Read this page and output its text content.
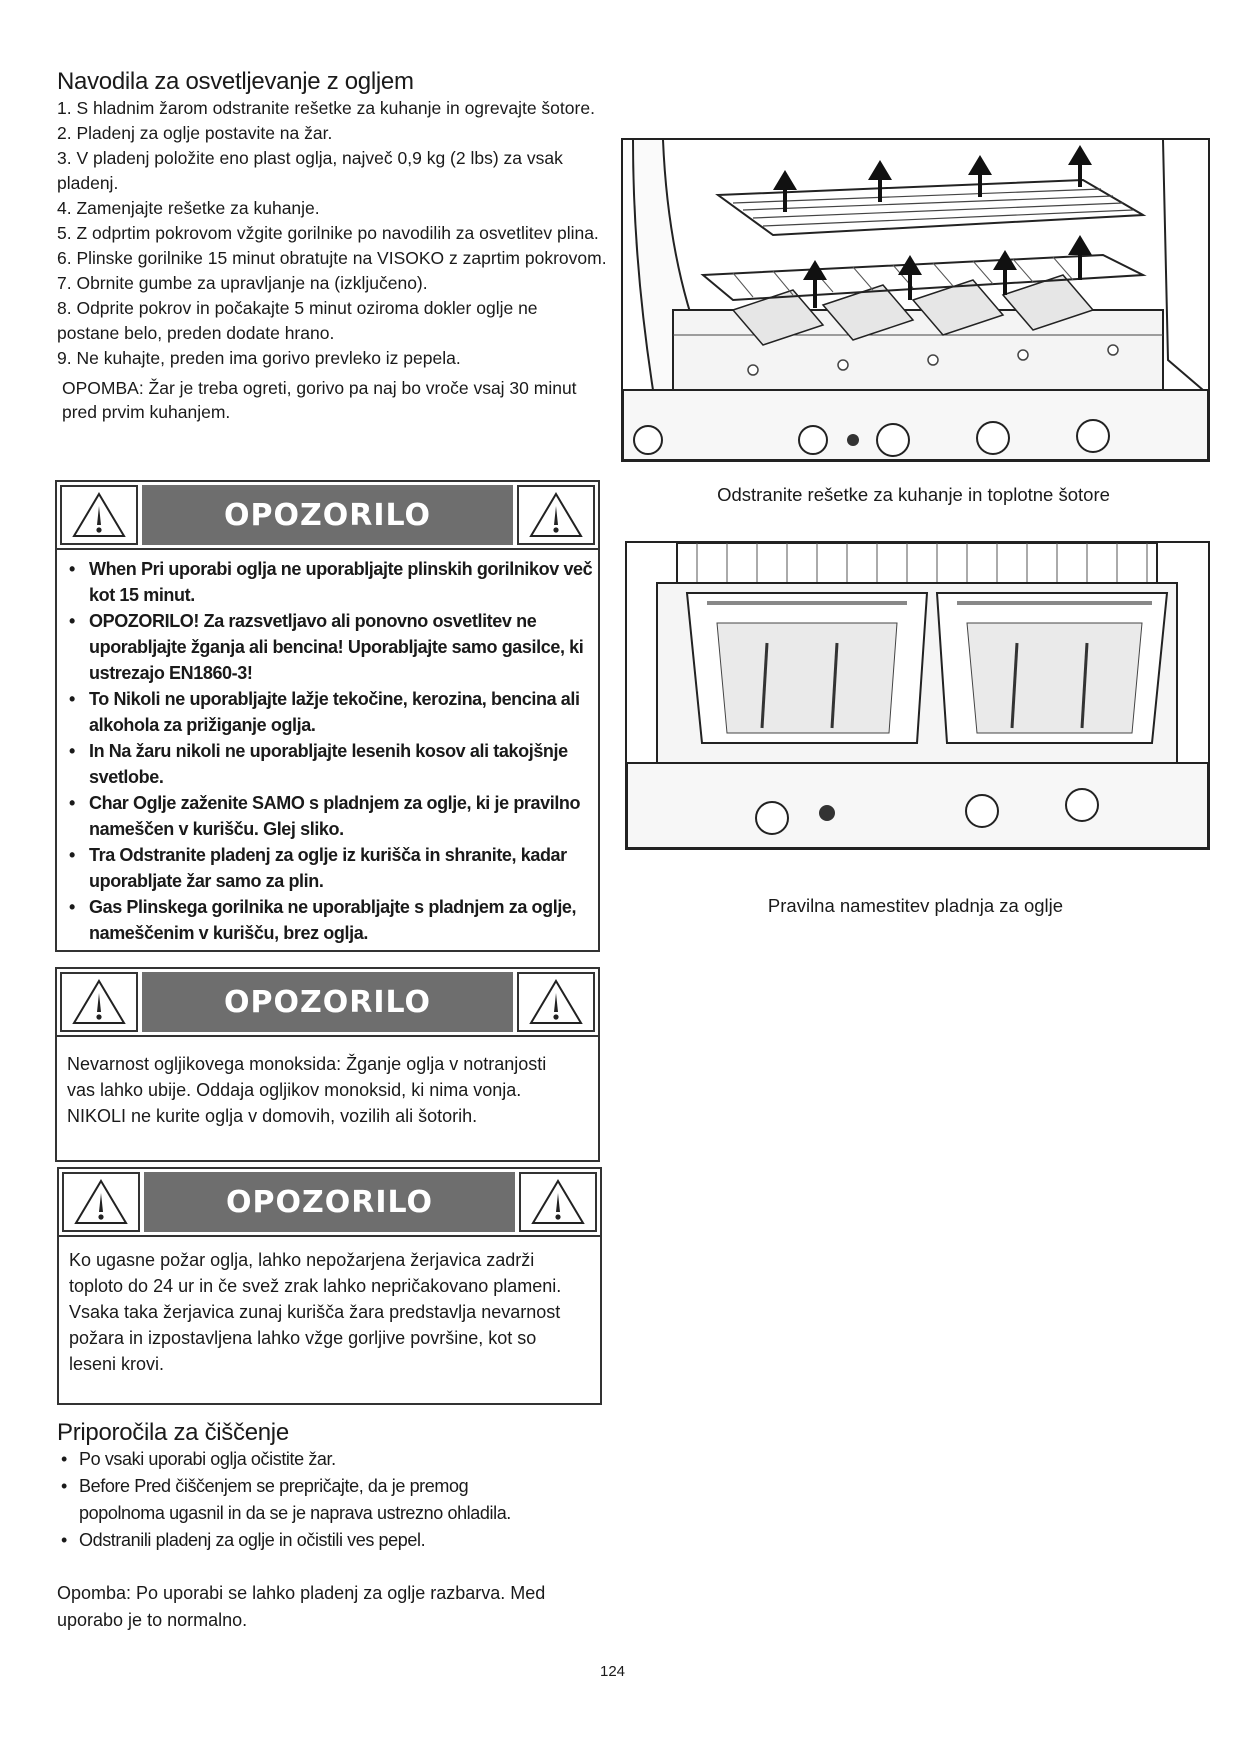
Navodila za osvetljevanje z ogljem
1. S hladnim žarom odstranite rešetke za kuhanje in ogrevajte šotore.
2. Pladenj za oglje postavite na žar.
3. V pladenj položite eno plast oglja, največ 0,9 kg (2 lbs) za vsak
pladenj.
4. Zamenjajte rešetke za kuhanje.
5. Z odprtim pokrovom vžgite gorilnike po navodilih za osvetlitev plina.
6. Plinske gorilnike 15 minut obratujte na VISOKO z zaprtim pokrovom.
7. Obrnite gumbe za upravljanje na (izklјučeno).
8. Odprite pokrov in počakajte 5 minut oziroma dokler oglje ne
postane belo, preden dodate hrano.
9. Ne kuhajte, preden ima gorivo prevleko iz pepela.
OPOMBA: Žar je treba ogreti, gorivo pa naj bo vroče vsaj 30 minut
pred prvim kuhanjem.
OPOZORILO
• When Pri uporabi oglja ne uporabljajte plinskih gorilnikov več
kot 15 minut.
• OPOZORILO! Za razsvetljavo ali ponovno osvetlitev ne
uporabljajte žganja ali bencina! Uporabljajte samo gasilce, ki
ustrezajo EN1860-3!
• To Nikoli ne uporabljajte lažje tekočine, kerozina, bencina ali
alkohola za prižiganje oglja.
• In Na žaru nikoli ne uporabljajte lesenih kosov ali takojšnje
svetlobe.
• Char Oglje zaženite SAMO s pladnjem za oglje, ki je pravilno
nameščen v kurišču. Glej sliko.
• Tra Odstranite pladenj za oglje iz kurišča in shranite, kadar
uporabljate žar samo za plin.
• Gas Plinskega gorilnika ne uporabljajte s pladnjem za oglje,
nameščenim v kurišču, brez oglja.
OPOZORILO
Nevarnost ogljikovega monoksida: Žganje oglja v notranjosti
vas lahko ubije. Oddaja ogljikov monoksid, ki nima vonja.
NIKOLI ne kurite oglja v domovih, vozilih ali šotorih.
OPOZORILO
Ko ugasne požar oglja, lahko nepožarjena žerjavica zadrži
toploto do 24 ur in če svež zrak lahko nepričakovano plameni.
Vsaka taka žerjavica zunaj kurišča žara predstavlja nevarnost
požara in izpostavljena lahko vžge gorljive površine, kot so
leseni krovi.
Priporočila za čiščenje
• Po vsaki uporabi oglja očistite žar.
• Before Pred čiščenjem se prepričajte, da je premog
popolnoma ugasnil in da se je naprava ustrezno ohladila.
• Odstranili pladenj za oglje in očistili ves pepel.
Opomba: Po uporabi se lahko pladenj za oglje razbarva. Med
uporabo je to normalno.
Odstranite rešetke za kuhanje in toplotne šotore
Pravilna namestitev pladnja za oglje
124
